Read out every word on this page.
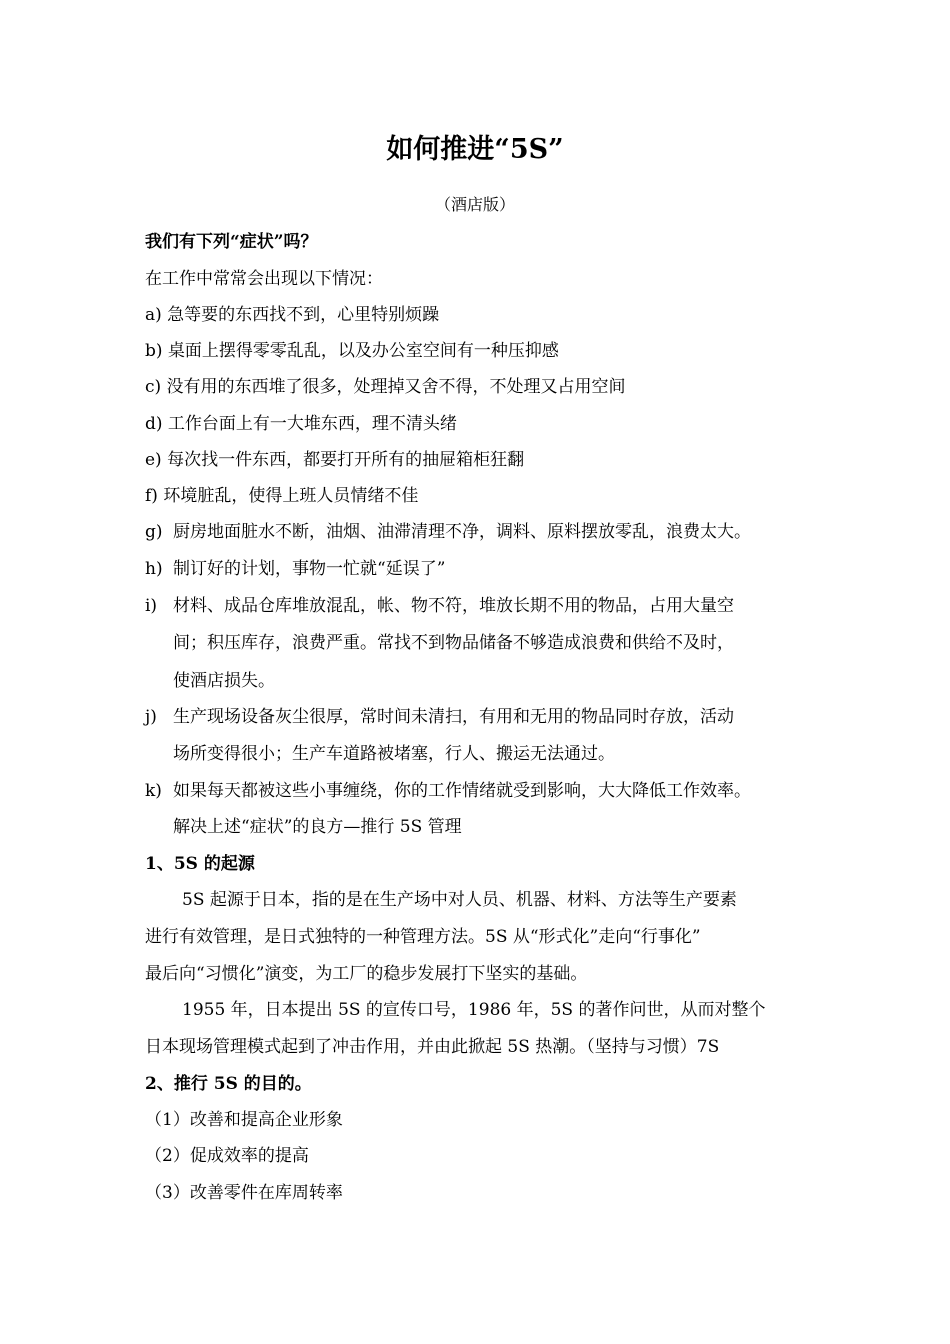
如何推进“5S”
（酒店版）
我们有下列“症状”吗？
在工作中常常会出现以下情况：
a) 急等要的东西找不到，心里特别烦躁
b) 桌面上摆得零零乱乱，以及办公室空间有一种压抑感
c) 没有用的东西堆了很多，处理掉又舍不得，不处理又占用空间
d) 工作台面上有一大堆东西，理不清头绪
e) 每次找一件东西，都要打开所有的抽屉箱柜狂翻
f) 环境脏乱，使得上班人员情绪不佳
g) 厨房地面脏水不断，油烟、油滞清理不净，调料、原料摆放零乱，浪费太大。
h) 制订好的计划，事物一忙就“延误了”
i) 材料、成品仓库堆放混乱，帐、物不符，堆放长期不用的物品，占用大量空
间；积压库存，浪费严重。常找不到物品储备不够造成浪费和供给不及时，
使酒店损失。
j) 生产现场设备灰尘很厚，常时间未清扫，有用和无用的物品同时存放，活动
场所变得很小；生产车道路被堵塞，行人、搬运无法通过。
k) 如果每天都被这些小事缠绕，你的工作情绪就受到影响，大大降低工作效率。
解决上述“症状”的良方—推行 5S 管理
1、5S 的起源
5S 起源于日本，指的是在生产场中对人员、机器、材料、方法等生产要素
进行有效管理，是日式独特的一种管理方法。5S 从“形式化”走向“行事化”
最后向“习惯化”演变，为工厂的稳步发展打下坚实的基础。
1955 年，日本提出 5S 的宣传口号，1986 年，5S 的著作问世，从而对整个
日本现场管理模式起到了冲击作用，并由此掀起 5S 热潮。（坚持与习惯）7S
2、推行 5S 的目的。
（1）改善和提高企业形象
（2）促成效率的提高
（3）改善零件在库周转率
